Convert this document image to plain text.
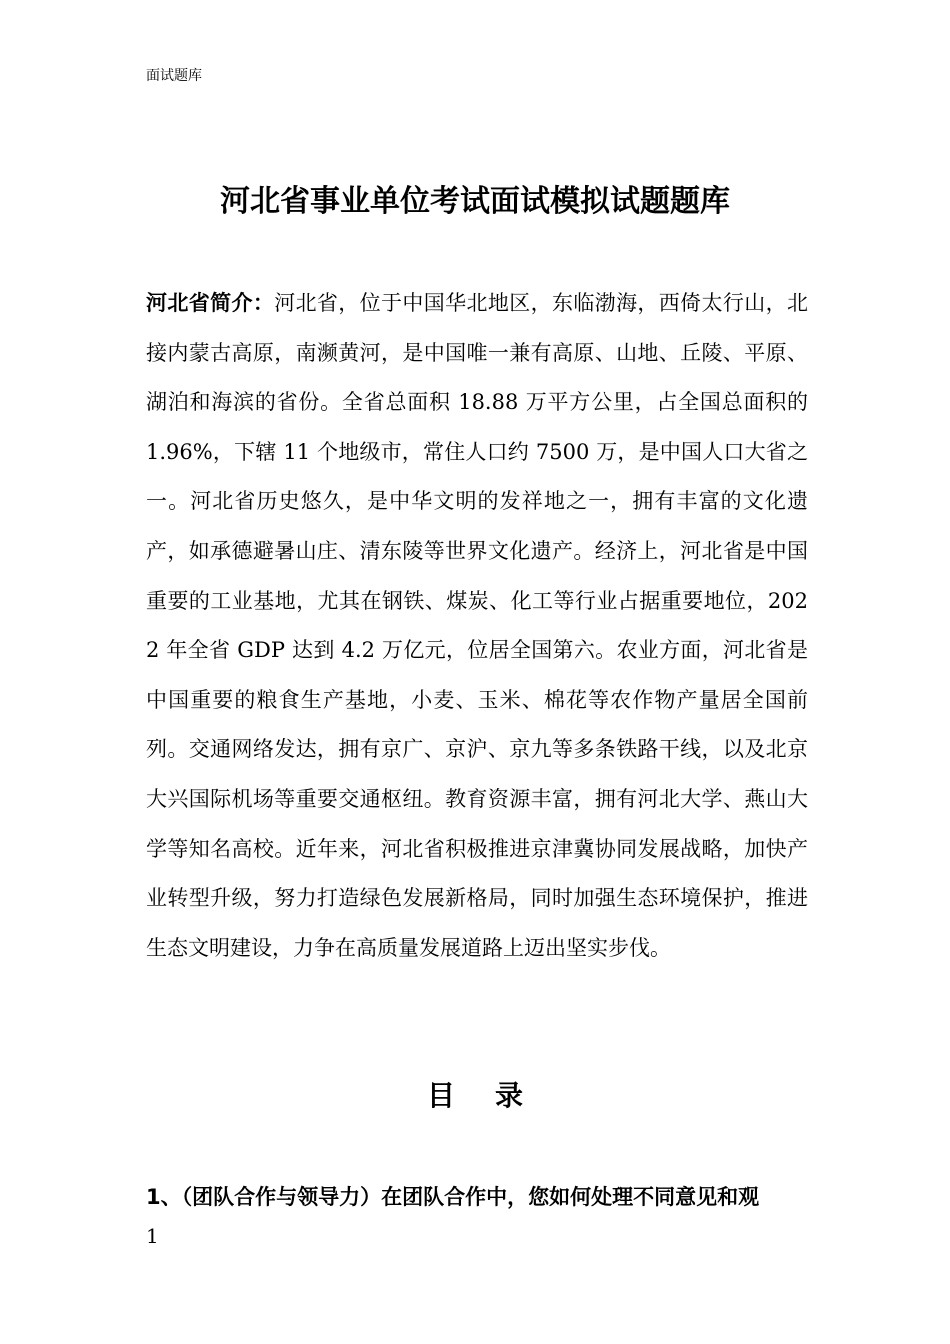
面试题库
河北省事业单位考试面试模拟试题题库

河北省简介：河北省，位于中国华北地区，东临渤海，西倚太行山，北接内蒙古高原，南濒黄河，是中国唯一兼有高原、山地、丘陵、平原、湖泊和海滨的省份。全省总面积 18.88 万平方公里，占全国总面积的 1.96%，下辖 11 个地级市，常住人口约 7500 万，是中国人口大省之一。河北省历史悠久，是中华文明的发祥地之一，拥有丰富的文化遗产，如承德避暑山庄、清东陵等世界文化遗产。经济上，河北省是中国重要的工业基地，尤其在钢铁、煤炭、化工等行业占据重要地位，2022 年全省 GDP 达到 4.2 万亿元，位居全国第六。农业方面，河北省是中国重要的粮食生产基地，小麦、玉米、棉花等农作物产量居全国前列。交通网络发达，拥有京广、京沪、京九等多条铁路干线，以及北京大兴国际机场等重要交通枢纽。教育资源丰富，拥有河北大学、燕山大学等知名高校。近年来，河北省积极推进京津冀协同发展战略，加快产业转型升级，努力打造绿色发展新格局，同时加强生态环境保护，推进生态文明建设，力争在高质量发展道路上迈出坚实步伐。

目录
1、（团队合作与领导力）在团队合作中，您如何处理不同意见和观
1
